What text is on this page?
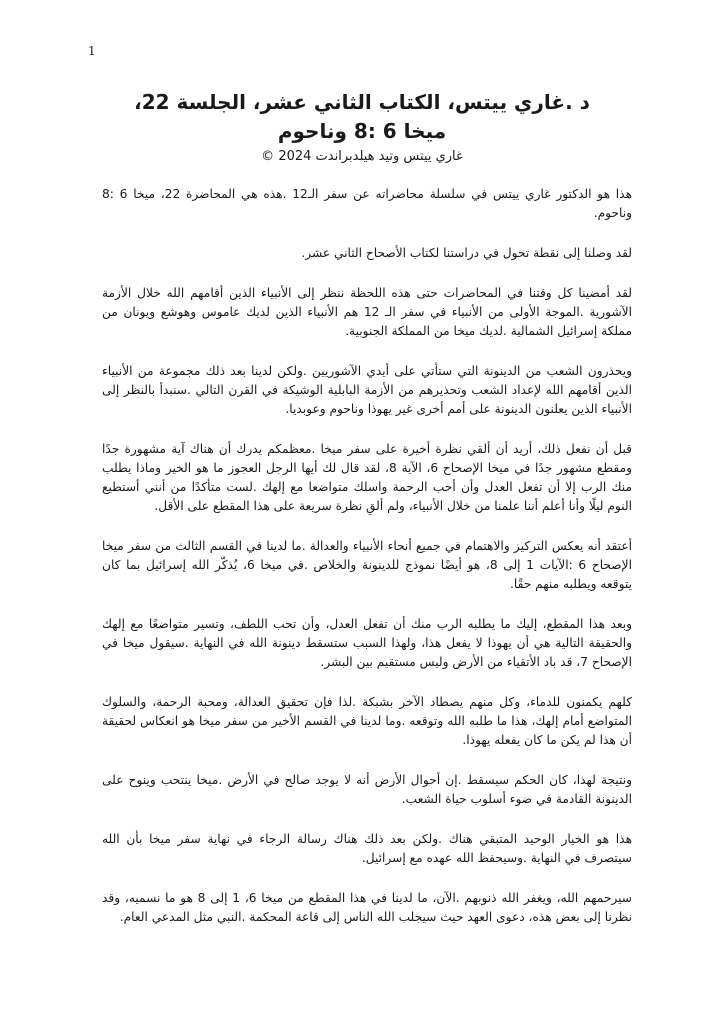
1
د .غاري ييتس، الكتاب الثاني عشر، الجلسة 22،
ميخا 6 :8 وناحوم
غاري ييتس وتيد هيلدبراندت 2024 ©

هذا هو الدكتور غاري ييتس في سلسلة محاضراته عن سفر الـ12 .هذه هي المحاضرة 22، ميخا 6 :8 وناحوم.

لقد وصلنا إلى نقطة تحول في دراستنا لكتاب الأصحاح الثاني عشر.

لقد أمضينا كل وقتنا في المحاضرات حتى هذه اللحظة ننظر إلى الأنبياء الذين أقامهم الله خلال الأزمة الآشورية .الموجة الأولى من الأنبياء في سفر الـ 12 هم الأنبياء الذين لديك عاموس وهوشع ويونان من مملكة إسرائيل الشمالية .لديك ميخا من المملكة الجنوبية.

ويحذرون الشعب من الدينونة التي ستأتي على أيدي الآشوريين .ولكن لدينا بعد ذلك مجموعة من الأنبياء الذين أقامهم الله لإعداد الشعب وتحذيرهم من الأزمة البابلية الوشيكة في القرن التالي .سنبدأ بالنظر إلى الأنبياء الذين يعلنون الدينونة على أمم أخرى غير يهوذا وناحوم وعوبديا.

قبل أن نفعل ذلك، أريد أن ألقي نظرة أخيرة على سفر ميخا .معظمكم يدرك أن هناك آية مشهورة جدًا ومقطع مشهور جدًا في ميخا الإصحاح 6، الآية 8، لقد قال لك أيها الرجل العجوز ما هو الخير وماذا يطلب منك الرب إلا أن تفعل العدل وأن أحب الرحمة واسلك متواضعا مع إلهك .لست متأكدًا من أنني أستطيع النوم ليلًا وأنا أعلم أننا علمنا من خلال الأنبياء، ولم ألقِ نظرة سريعة على هذا المقطع على الأقل.

أعتقد أنه يعكس التركيز والاهتمام في جميع أنحاء الأنبياء والعدالة .ما لدينا في القسم الثالث من سفر ميخا الإصحاح 6 :الآيات 1 إلى 8، هو أيضًا نموذج للدينونة والخلاص .في ميخا 6، يُذكّر الله إسرائيل بما كان يتوقعه ويطلبه منهم حقًا.

وبعد هذا المقطع، إليك ما يطلبه الرب منك أن تفعل العدل، وأن تحب اللطف، وتسير متواضعًا مع إلهك والحقيقة التالية هي أن يهوذا لا يفعل هذا، ولهذا السبب ستسقط دينونة الله في النهاية .سيقول ميخا في الإصحاح 7، قد باد الأتقياء من الأرض وليس مستقيم بين البشر.

كلهم يكمنون للدماء، وكل منهم يصطاد الآخر بشبكة .لذا فإن تحقيق العدالة، ومحبة الرحمة، والسلوك المتواضع أمام إلهك، هذا ما طلبه الله وتوقعه .وما لدينا في القسم الأخير من سفر ميخا هو انعكاس لحقيقة أن هذا لم يكن ما كان يفعله يهوذا.

ونتيجة لهذا، كان الحكم سيسقط .إن أحوال الأرض أنه لا يوجد صالح في الأرض .ميخا ينتحب وينوح على الدينونة القادمة في ضوء أسلوب حياة الشعب.

هذا هو الخيار الوحيد المتبقي هناك .ولكن بعد ذلك هناك رسالة الرجاء في نهاية سفر ميخا بأن الله سيتصرف في النهاية .وسيحفظ الله عهده مع إسرائيل.

سيرحمهم الله، ويغفر الله ذنوبهم .الآن، ما لدينا في هذا المقطع من ميخا 6، 1 إلى 8 هو ما نسميه، وقد نظرنا إلى بعض هذه، دعوى العهد حيث سيجلب الله الناس إلى قاعة المحكمة .النبي مثل المدعي العام.
